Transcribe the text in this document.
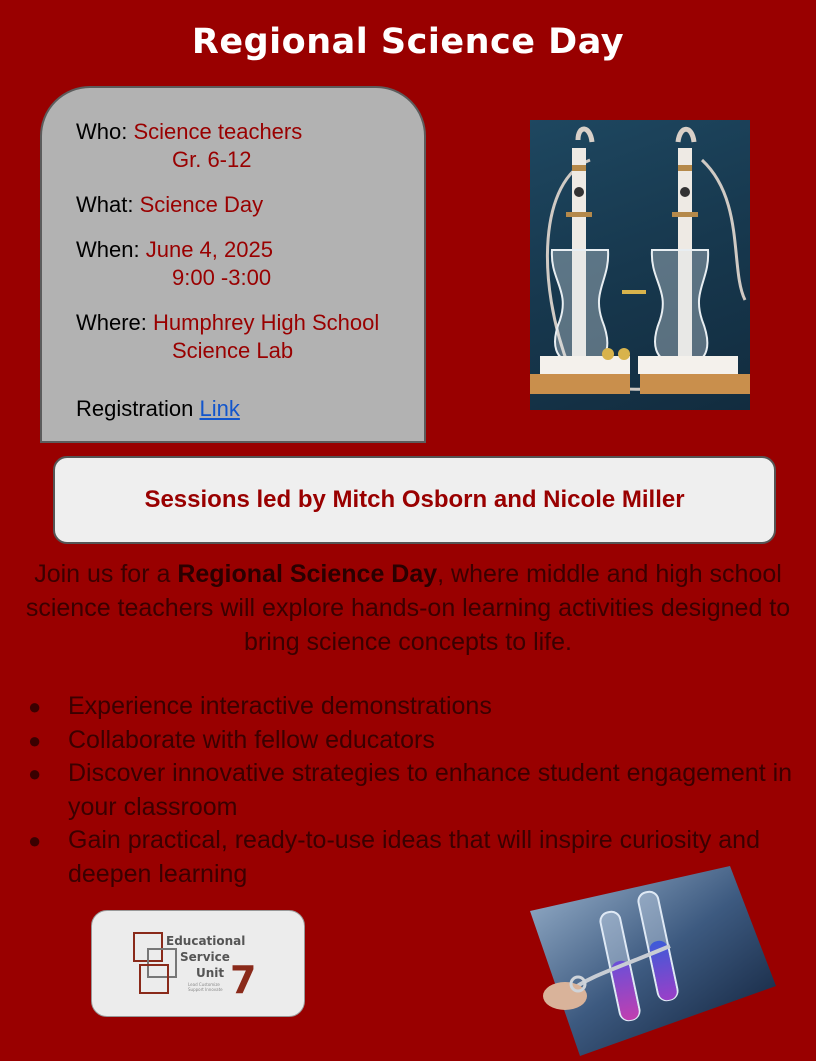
Regional Science Day

Who: Science teachers

Gr. 6-12

What: Science Day

When: June 4, 2025

9:00 -3:00

Where: Humphrey High School

Science Lab

Registration Link

Sessions led by Mitch Osborn and Nicole Miller
Join us for a Regional Science Day, where middle and high school science teachers will explore hands-on learning activities designed to bring science concepts to life.
● Experience interactive demonstrations
● Collaborate with fellow educators
● Discover innovative strategies to enhance student engagement in your classroom
● Gain practical, ready-to-use ideas that will inspire curiosity and deepen learning
Educational
Service
Unit 7
Lead Customize
Support Innovate
